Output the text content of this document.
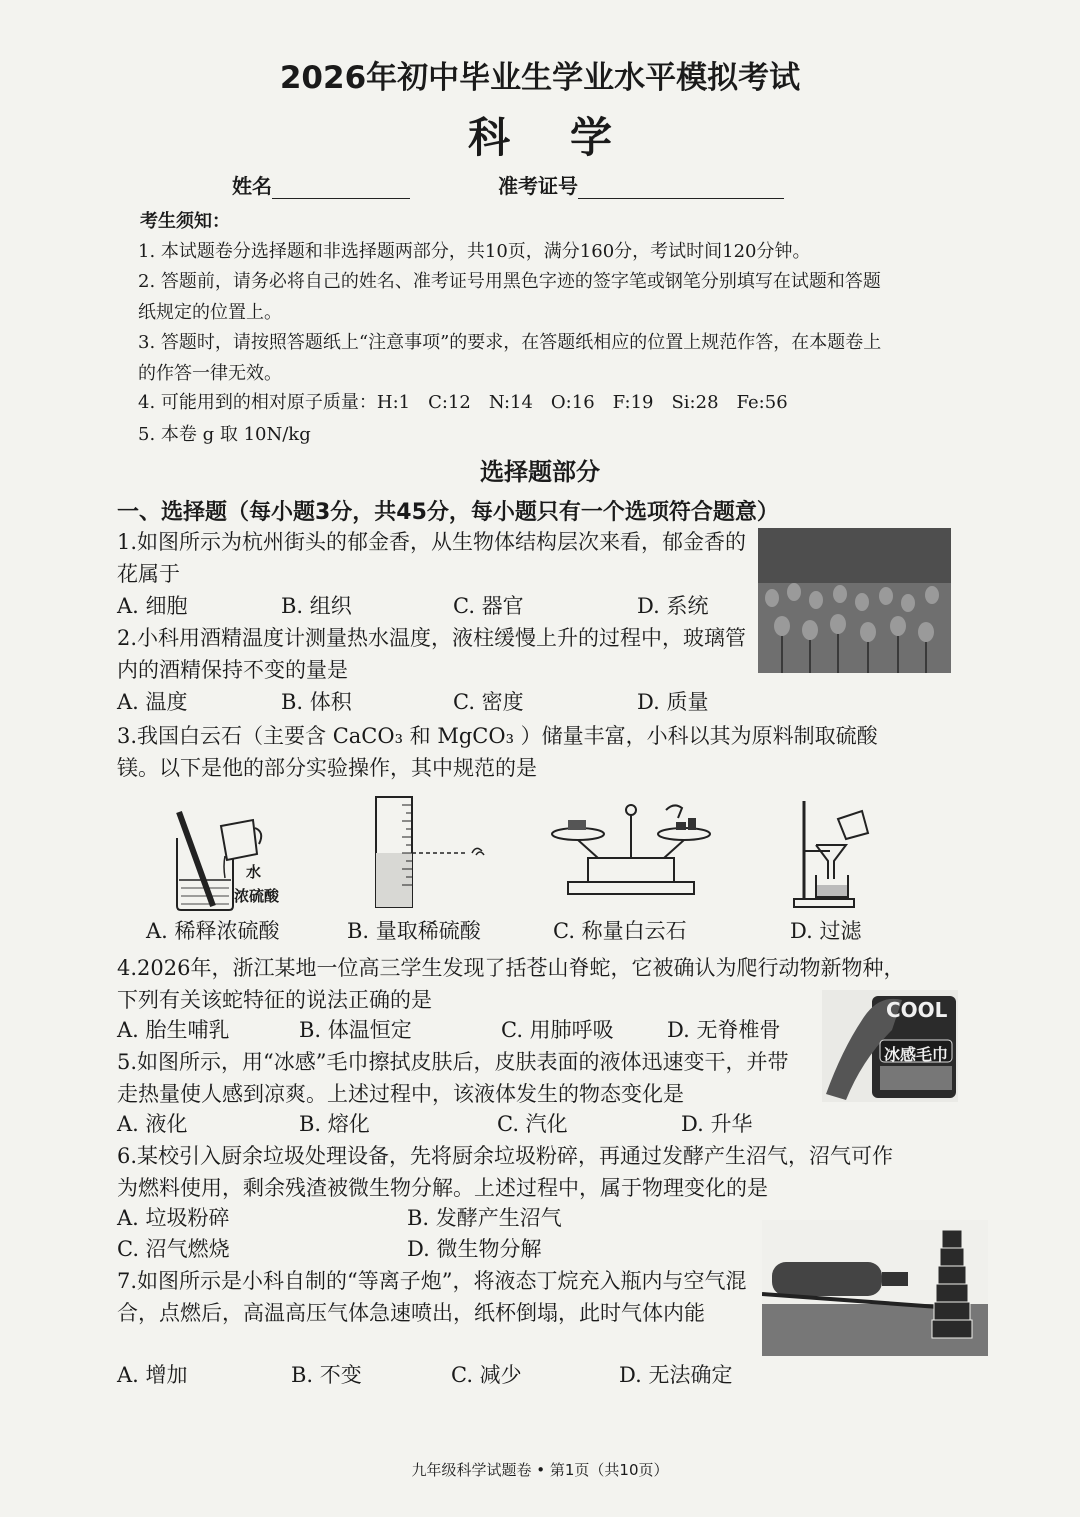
2026年初中毕业生学业水平模拟考试
科学
姓名	准考证号
考生须知：
1. 本试题卷分选择题和非选择题两部分，共10页，满分160分，考试时间120分钟。
2. 答题前，请务必将自己的姓名、准考证号用黑色字迹的签字笔或钢笔分别填写在试题和答题纸规定的位置上。
3. 答题时，请按照答题纸上“注意事项”的要求，在答题纸相应的位置上规范作答，在本题卷上的作答一律无效。
4. 可能用到的相对原子质量：H:1　C:12　N:14　O:16　F:19　Si:28　Fe:56
5. 本卷 g 取 10N/kg
选择题部分
一、选择题（每小题3分，共45分，每小题只有一个选项符合题意）
1.如图所示为杭州街头的郁金香，从生物体结构层次来看，郁金香的花属于
A. 细胞	B. 组织	C. 器官	D. 系统
2.小科用酒精温度计测量热水温度，液柱缓慢上升的过程中，玻璃管内的酒精保持不变的量是
A. 温度	B. 体积	C. 密度	D. 质量
3.我国白云石（主要含 CaCO₃ 和 MgCO₃ ）储量丰富，小科以其为原料制取硫酸镁。以下是他的部分实验操作，其中规范的是
水
浓硫酸
A. 稀释浓硫酸	B. 量取稀硫酸	C. 称量白云石	D. 过滤
4.2026年，浙江某地一位高三学生发现了括苍山脊蛇，它被确认为爬行动物新物种，下列有关该蛇特征的说法正确的是
A. 胎生哺乳	B. 体温恒定	C. 用肺呼吸	D. 无脊椎骨
5.如图所示，用“冰感”毛巾擦拭皮肤后，皮肤表面的液体迅速变干，并带走热量使人感到凉爽。上述过程中，该液体发生的物态变化是
A. 液化	B. 熔化	C. 汽化	D. 升华
COOL
冰感毛巾
6.某校引入厨余垃圾处理设备，先将厨余垃圾粉碎，再通过发酵产生沼气，沼气可作为燃料使用，剩余残渣被微生物分解。上述过程中，属于物理变化的是
A. 垃圾粉碎	B. 发酵产生沼气
C. 沼气燃烧	D. 微生物分解
7.如图所示是小科自制的“等离子炮”，将液态丁烷充入瓶内与空气混合，点燃后，高温高压气体急速喷出，纸杯倒塌，此时气体内能
A. 增加	B. 不变	C. 减少	D. 无法确定
九年级科学试题卷 • 第1页（共10页）
